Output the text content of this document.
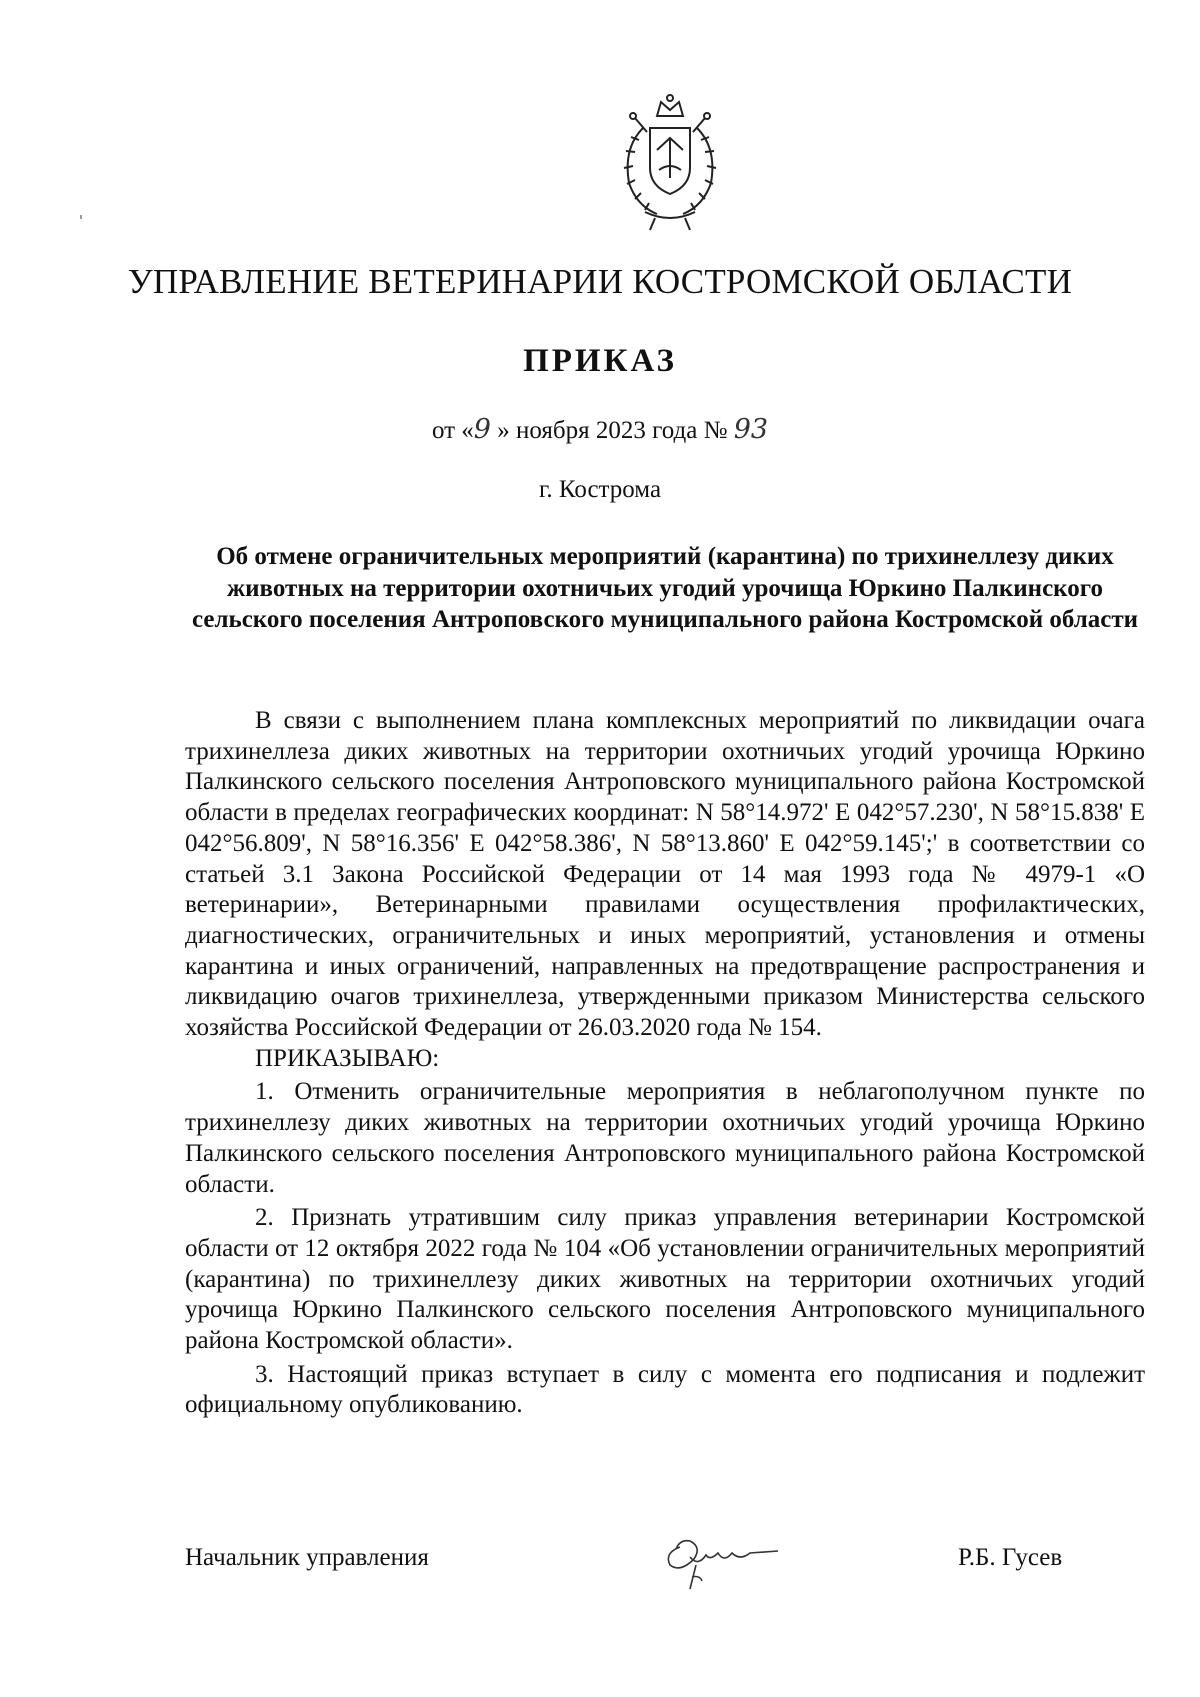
УПРАВЛЕНИЕ ВЕТЕРИНАРИИ КОСТРОМСКОЙ ОБЛАСТИ
ПРИКАЗ
от «9 » ноября 2023 года № 93
г. Кострома
Об отмене ограничительных мероприятий (карантина) по трихинеллезу диких животных на территории охотничьих угодий урочища Юркино Палкинского сельского поселения Антроповского муниципального района Костромской области

В связи с выполнением плана комплексных мероприятий по ликвидации очага трихинеллеза диких животных на территории охотничьих угодий урочища Юркино Палкинского сельского поселения Антроповского муниципального района Костромской области в пределах географических координат: N 58°14.972' E 042°57.230', N 58°15.838' E 042°56.809', N 58°16.356' E 042°58.386', N 58°13.860' E 042°59.145';' в соответствии со статьей 3.1 Закона Российской Федерации от 14 мая 1993 года № 4979-1 «О ветеринарии», Ветеринарными правилами осуществления профилактических, диагностических, ограничительных и иных мероприятий, установления и отмены карантина и иных ограничений, направленных на предотвращение распространения и ликвидацию очагов трихинеллеза, утвержденными приказом Министерства сельского хозяйства Российской Федерации от 26.03.2020 года № 154.

ПРИКАЗЫВАЮ:

1. Отменить ограничительные мероприятия в неблагополучном пункте по трихинеллезу диких животных на территории охотничьих угодий урочища Юркино Палкинского сельского поселения Антроповского муниципального района Костромской области.

2. Признать утратившим силу приказ управления ветеринарии Костромской области от 12 октября 2022 года № 104 «Об установлении ограничительных мероприятий (карантина) по трихинеллезу диких животных на территории охотничьих угодий урочища Юркино Палкинского сельского поселения Антроповского муниципального района Костромской области».

3. Настоящий приказ вступает в силу с момента его подписания и подлежит официальному опубликованию.

Начальник управления	Р.Б. Гусев
